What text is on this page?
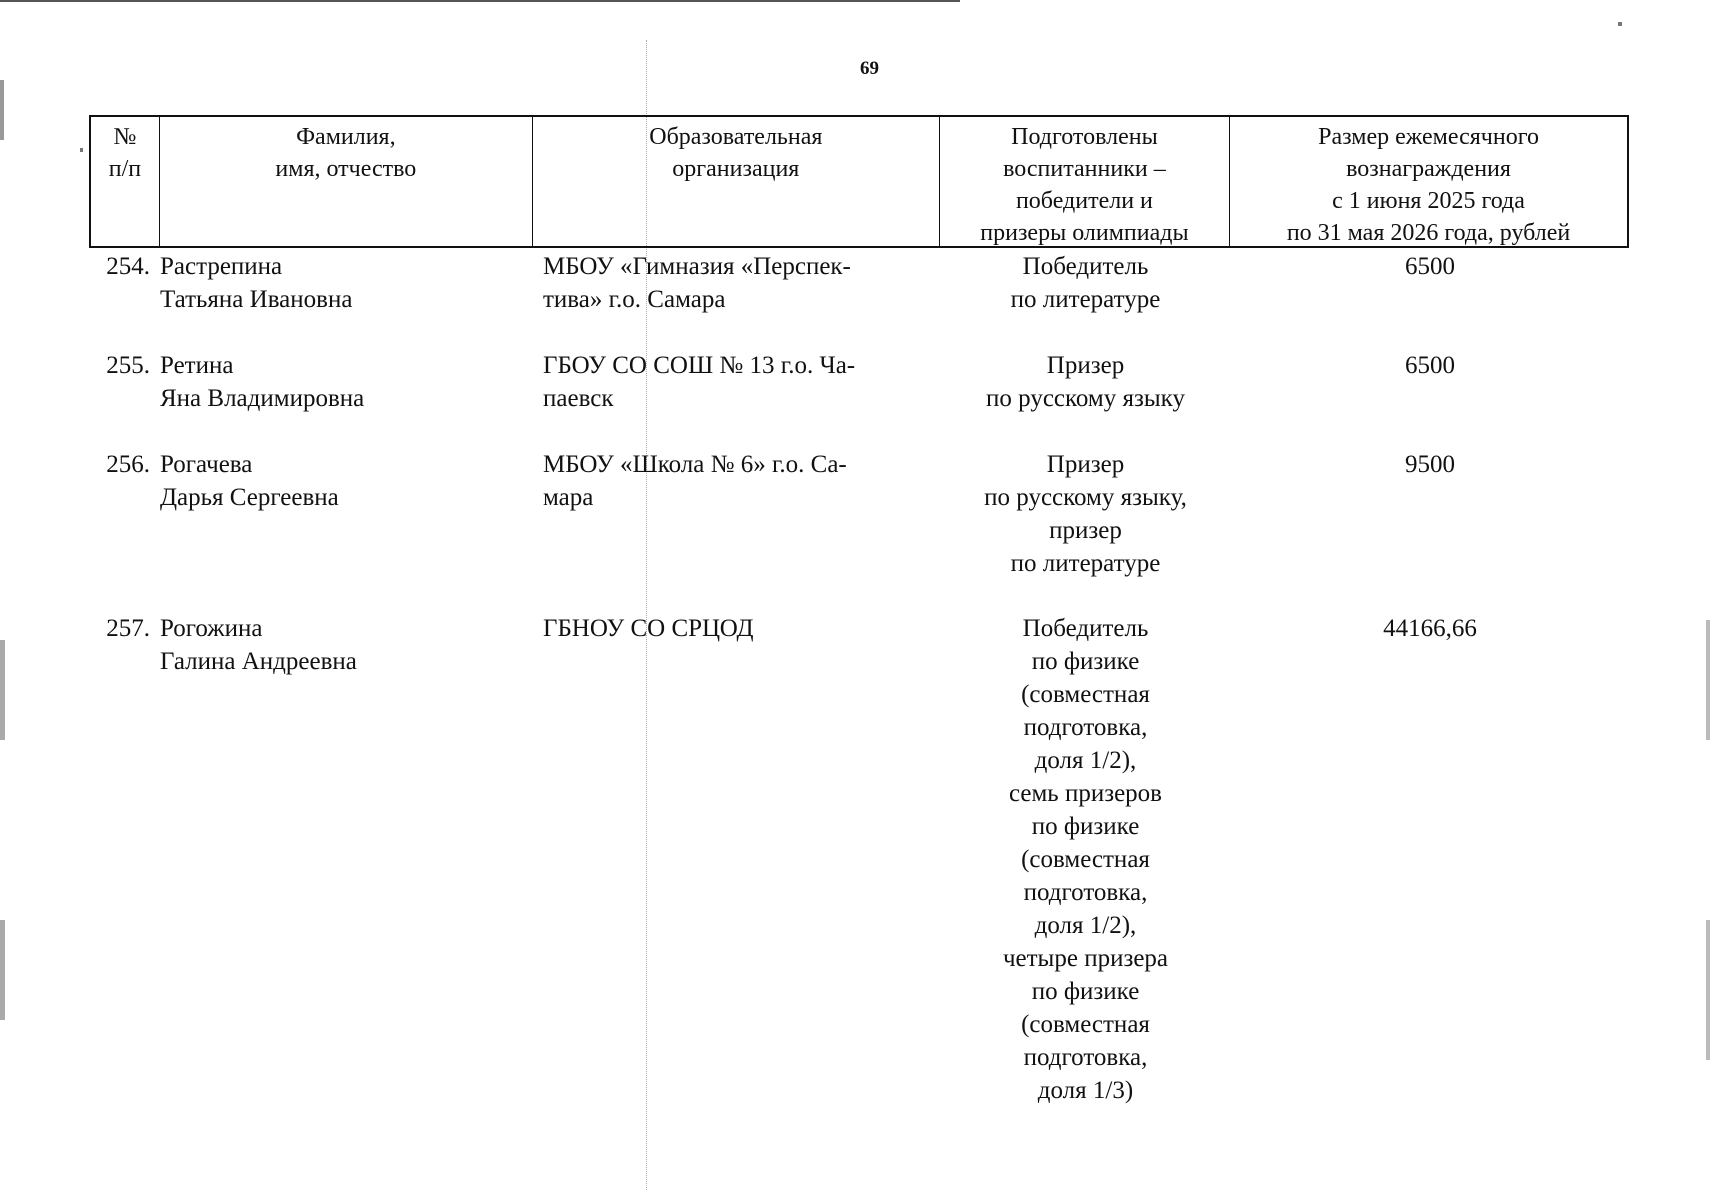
69
№
п/п
Фамилия,
имя, отчество
Образовательная
организация
Подготовлены
воспитанники –
победители и
призеры олимпиады
Размер ежемесячного
вознаграждения
с 1 июня 2025 года
по 31 мая 2026 года, рублей
254. Растрепина
Татьяна Ивановна
МБОУ «Гимназия «Перспек-
тива» г.о. Самара
Победитель
по литературе
6500
255. Ретина
Яна Владимировна
ГБОУ СО СОШ № 13 г.о. Ча-
паевск
Призер
по русскому языку
6500
256. Рогачева
Дарья Сергеевна
МБОУ «Школа № 6» г.о. Са-
мара
Призер
по русскому языку,
призер
по литературе
9500
257. Рогожина
Галина Андреевна
ГБНОУ СО СРЦОД	Победитель
по физике
(совместная
подготовка,
доля 1/2),
семь призеров
по физике
(совместная
подготовка,
доля 1/2),
четыре призера
по физике
(совместная
подготовка,
доля 1/3)
44166,66
